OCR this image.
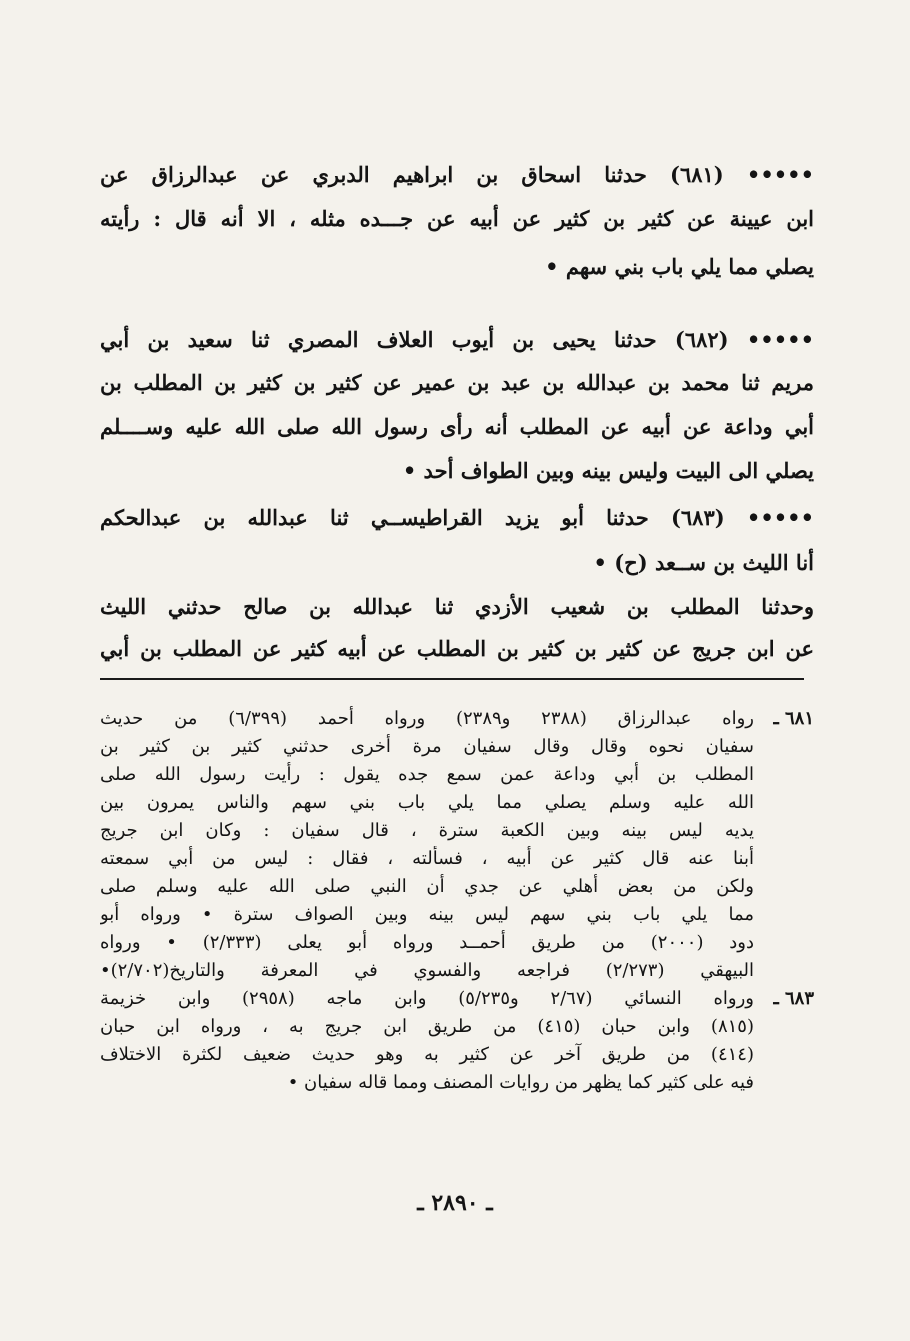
••••• (٦٨١) حدثنا اسحاق بن ابراهيم الدبري عن عبدالرزاق عن
ابن عيينة عن كثير بن كثير عن أبيه عن جـــده مثله ، الا أنه قال : رأيته
يصلي مما يلي باب بني سهم •
••••• (٦٨٢) حدثنا يحيى بن أيوب العلاف المصري ثنا سعيد بن أبي
مريم ثنا محمد بن عبدالله بن عبد بن عمير عن كثير بن كثير بن المطلب بن
أبي وداعة عن أبيه عن المطلب أنه رأى رسول الله صلى الله عليه وســــلم
يصلي الى البيت وليس بينه وبين الطواف أحد •
••••• (٦٨٣) حدثنا أبو يزيد القراطيســي ثنا عبدالله بن عبدالحكم
أنا الليث بن ســعد (ح) •
وحدثنا المطلب بن شعيب الأزدي ثنا عبدالله بن صالح حدثني الليث
عن ابن جريج عن كثير بن كثير بن المطلب عن أبيه كثير عن المطلب بن أبي
٦٨١ ـ
رواه عبدالرزاق (٢٣٨٨ و٢٣٨٩) ورواه أحمد (٦/٣٩٩) من حديث
سفيان نحوه وقال وقال سفيان مرة أخرى حدثني كثير بن كثير بن
المطلب بن أبي وداعة عمن سمع جده يقول : رأيت رسول الله صلى
الله عليه وسلم يصلي مما يلي باب بني سهم والناس يمرون بين
يديه ليس بينه وبين الكعبة سترة ، قال سفيان : وكان ابن جريج
أبنا عنه قال كثير عن أبيه ، فسألته ، فقال : ليس من أبي سمعته
ولكن من بعض أهلي عن جدي أن النبي صلى الله عليه وسلم صلى
مما يلي باب بني سهم ليس بينه وبين الصواف سترة • ورواه أبو
دود (٢٠٠٠) من طريق أحمــد ورواه أبو يعلى (٢/٣٣٣) • ورواه
البيهقي (٢/٢٧٣) فراجعه والفسوي في المعرفة والتاريخ(٢/٧٠٢)•
٦٨٣ ـ
ورواه النسائي (٢/٦٧ و٥/٢٣٥) وابن ماجه (٢٩٥٨) وابن خزيمة
(٨١٥) وابن حبان (٤١٥) من طريق ابن جريج به ، ورواه ابن حبان
(٤١٤) من طريق آخر عن كثير به وهو حديث ضعيف لكثرة الاختلاف
فيه على كثير كما يظهر من روايات المصنف ومما قاله سفيان •
ـ ٢٨٩٠ ـ
